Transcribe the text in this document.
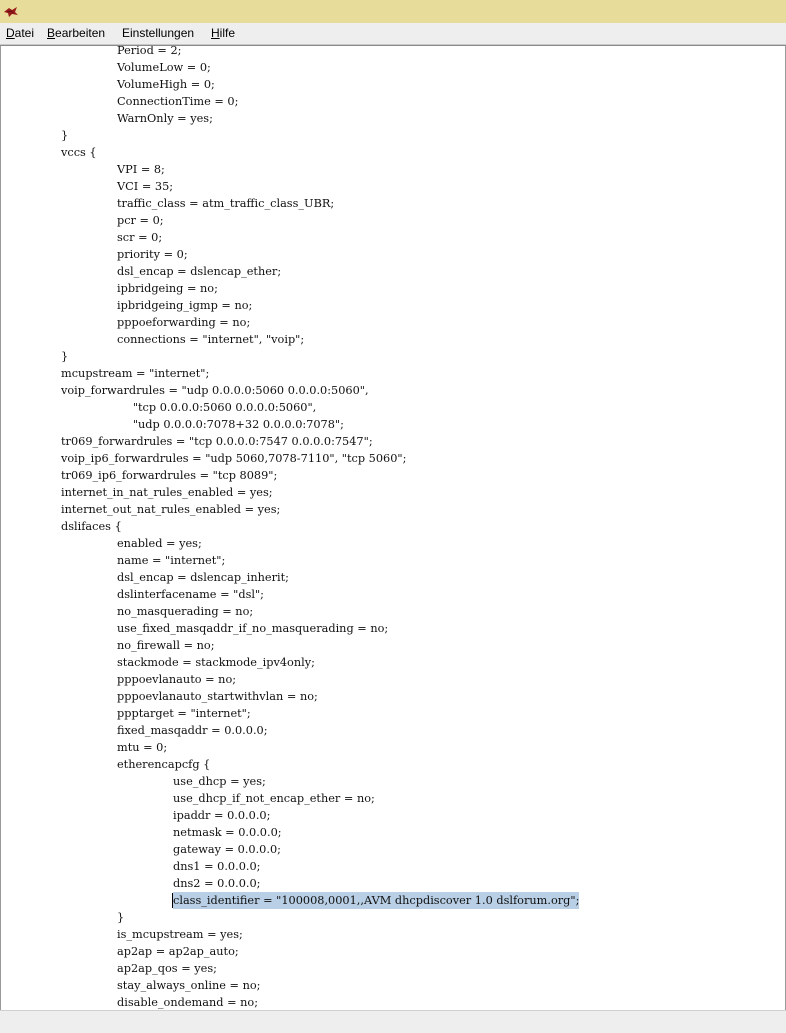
Datei Bearbeiten Einstellungen Hilfe
Period = 2;
VolumeLow = 0;
VolumeHigh = 0;
ConnectionTime = 0;
WarnOnly = yes;
}
vccs {
VPI = 8;
VCI = 35;
traffic_class = atm_traffic_class_UBR;
pcr = 0;
scr = 0;
priority = 0;
dsl_encap = dslencap_ether;
ipbridgeing = no;
ipbridgeing_igmp = no;
pppoeforwarding = no;
connections = "internet", "voip";
}
mcupstream = "internet";
voip_forwardrules = "udp 0.0.0.0:5060 0.0.0.0:5060",
"tcp 0.0.0.0:5060 0.0.0.0:5060",
"udp 0.0.0.0:7078+32 0.0.0.0:7078";
tr069_forwardrules = "tcp 0.0.0.0:7547 0.0.0.0:7547";
voip_ip6_forwardrules = "udp 5060,7078-7110", "tcp 5060";
tr069_ip6_forwardrules = "tcp 8089";
internet_in_nat_rules_enabled = yes;
internet_out_nat_rules_enabled = yes;
dslifaces {
enabled = yes;
name = "internet";
dsl_encap = dslencap_inherit;
dslinterfacename = "dsl";
no_masquerading = no;
use_fixed_masqaddr_if_no_masquerading = no;
no_firewall = no;
stackmode = stackmode_ipv4only;
pppoevlanauto = no;
pppoevlanauto_startwithvlan = no;
ppptarget = "internet";
fixed_masqaddr = 0.0.0.0;
mtu = 0;
etherencapcfg {
use_dhcp = yes;
use_dhcp_if_not_encap_ether = no;
ipaddr = 0.0.0.0;
netmask = 0.0.0.0;
gateway = 0.0.0.0;
dns1 = 0.0.0.0;
dns2 = 0.0.0.0;
class_identifier = "100008,0001,,AVM dhcpdiscover 1.0 dslforum.org";
}
is_mcupstream = yes;
ap2ap = ap2ap_auto;
ap2ap_qos = yes;
stay_always_online = no;
disable_ondemand = no;
